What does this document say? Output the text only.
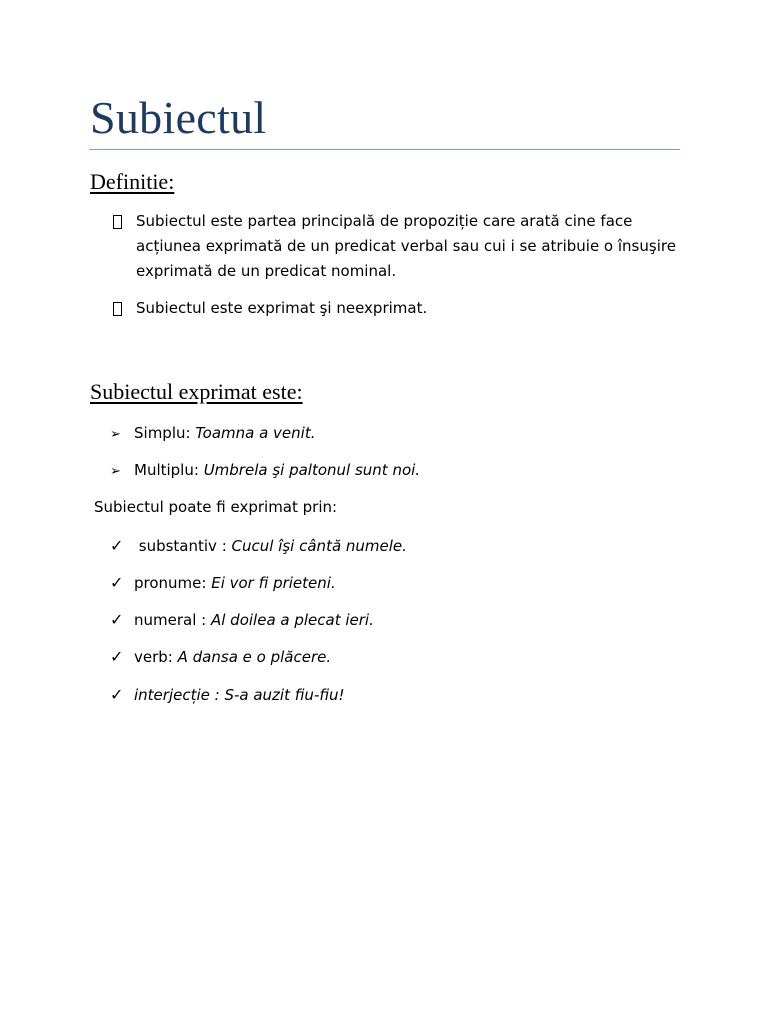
Subiectul
Definitie:
Subiectul este partea principală de propoziție care arată cine face acțiunea exprimată de un predicat verbal sau cui i se atribuie o însuşire exprimată de un predicat nominal.
Subiectul este exprimat şi neexprimat.
Subiectul exprimat este:
➢ Simplu: Toamna a venit.
➢ Multiplu: Umbrela şi paltonul sunt noi.
Subiectul poate fi exprimat prin:
✓ substantiv : Cucul îşi cântă numele.
✓ pronume: Ei vor fi prieteni.
✓ numeral : Al doilea a plecat ieri.
✓ verb: A dansa e o plăcere.
✓ interjecție : S-a auzit fiu-fiu!
